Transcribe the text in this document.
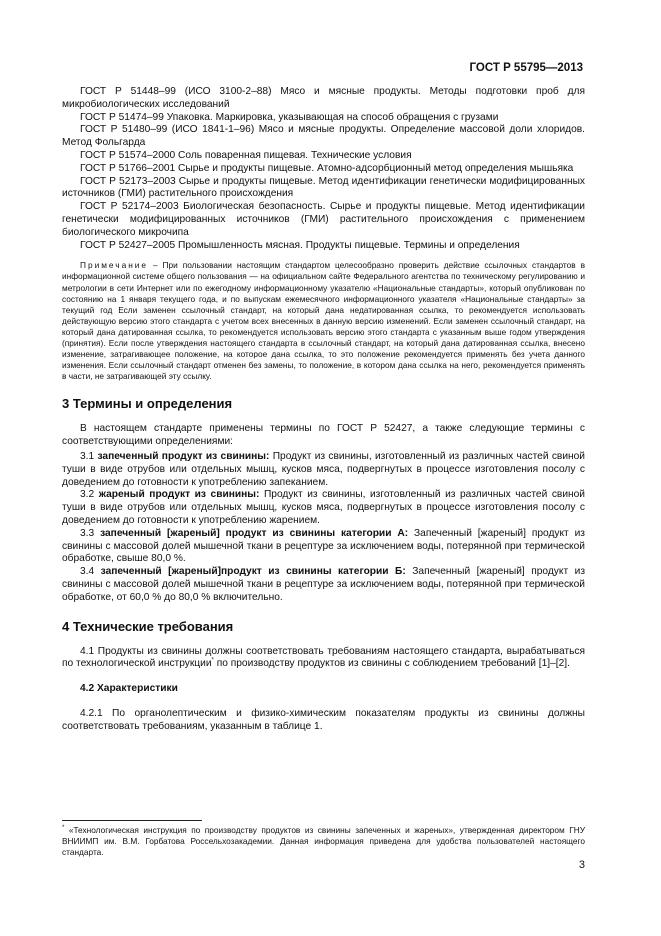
ГОСТ Р 55795—2013

ГОСТ Р 51448–99 (ИСО 3100-2–88) Мясо и мясные продукты. Методы подготовки проб для микробиологических исследований

ГОСТ Р 51474–99 Упаковка. Маркировка, указывающая на способ обращения с грузами

ГОСТ Р 51480–99 (ИСО 1841-1–96) Мясо и мясные продукты. Определение массовой доли хлоридов. Метод Фольгарда

ГОСТ Р 51574–2000 Соль поваренная пищевая. Технические условия

ГОСТ Р 51766–2001 Сырье и продукты пищевые. Атомно-адсорбционный метод определения мышьяка

ГОСТ Р 52173–2003 Сырье и продукты пищевые. Метод идентификации генетически модифицированных источников (ГМИ) растительного происхождения

ГОСТ Р 52174–2003 Биологическая безопасность. Сырье и продукты пищевые. Метод идентификации генетически модифицированных источников (ГМИ) растительного происхождения с применением биологического микрочипа

ГОСТ Р 52427–2005 Промышленность мясная. Продукты пищевые. Термины и определения

Примечание – При пользовании настоящим стандартом целесообразно проверить действие ссылочных стандартов в информационной системе общего пользования — на официальном сайте Федерального агентства по техническому регулированию и метрологии в сети Интернет или по ежегодному информационному указателю «Национальные стандарты», который опубликован по состоянию на 1 января текущего года, и по выпускам ежемесячного информационного указателя «Национальные стандарты» за текущий год Если заменен ссылочный стандарт, на который дана недатированная ссылка, то рекомендуется использовать действующую версию этого стандарта с учетом всех внесенных в данную версию изменений. Если заменен ссылочный стандарт, на который дана датированная ссылка, то рекомендуется использовать версию этого стандарта с указанным выше годом утверждения (принятия). Если после утверждения настоящего стандарта в ссылочный стандарт, на который дана датированная ссылка, внесено изменение, затрагивающее положение, на которое дана ссылка, то это положение рекомендуется применять без учета данного изменения. Если ссылочный стандарт отменен без замены, то положение, в котором дана ссылка на него, рекомендуется применять в части, не затрагивающей эту ссылку.

3 Термины и определения

В настоящем стандарте применены термины по ГОСТ Р 52427, а также следующие термины с соответствующими определениями:

3.1 запеченный продукт из свинины: Продукт из свинины, изготовленный из различных частей свиной туши в виде отрубов или отдельных мышц, кусков мяса, подвергнутых в процессе изготовления посолу с доведением до готовности к употреблению запеканием.

3.2 жареный продукт из свинины: Продукт из свинины, изготовленный из различных частей свиной туши в виде отрубов или отдельных мышц, кусков мяса, подвергнутых в процессе изготовления посолу с доведением до готовности к употреблению жарением.

3.3 запеченный [жареный] продукт из свинины категории А: Запеченный [жареный] продукт из свинины с массовой долей мышечной ткани в рецептуре за исключением воды, потерянной при термической обработке, свыше 80,0 %.

3.4 запеченный [жареный]продукт из свинины категории Б: Запеченный [жареный] продукт из свинины с массовой долей мышечной ткани в рецептуре за исключением воды, потерянной при термической обработке, от 60,0 % до 80,0 % включительно.

4 Технические требования

4.1 Продукты из свинины должны соответствовать требованиям настоящего стандарта, вырабатываться по технологической инструкции* по производству продуктов из свинины с соблюдением требований [1]–[2].

4.2 Характеристики

4.2.1 По органолептическим и физико-химическим показателям продукты из свинины должны соответствовать требованиям, указанным в таблице 1.

* «Технологическая инструкция по производству продуктов из свинины запеченных и жареных», утвержденная директором ГНУ ВНИИМП им. В.М. Горбатова Россельхозакадемии. Данная информация приведена для удобства пользователей настоящего стандарта.

3
